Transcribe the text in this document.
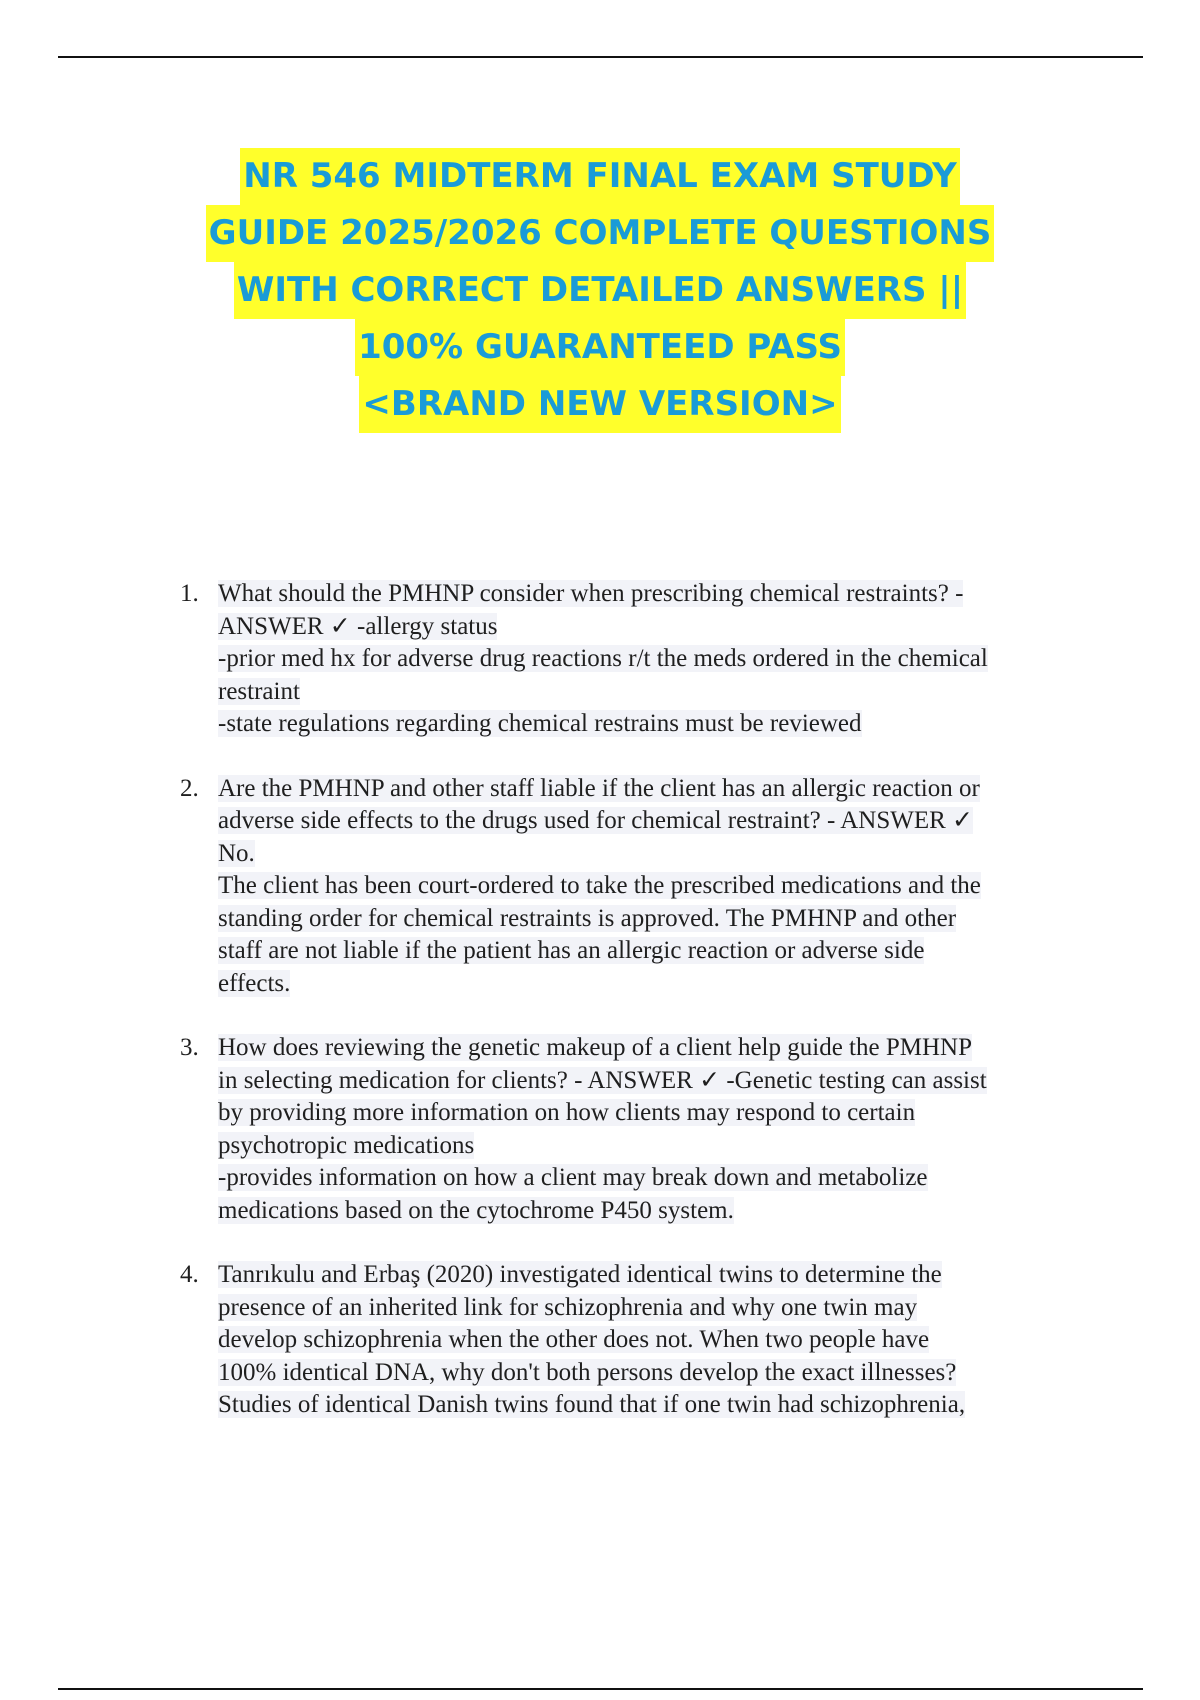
NR 546 MIDTERM FINAL EXAM STUDY
GUIDE 2025/2026 COMPLETE QUESTIONS
WITH CORRECT DETAILED ANSWERS ||
100% GUARANTEED PASS
<BRAND NEW VERSION>
1. What should the PMHNP consider when prescribing chemical restraints? -
ANSWER ✓ -allergy status
-prior med hx for adverse drug reactions r/t the meds ordered in the chemical
restraint
-state regulations regarding chemical restrains must be reviewed
2. Are the PMHNP and other staff liable if the client has an allergic reaction or
adverse side effects to the drugs used for chemical restraint? - ANSWER ✓
No.
The client has been court-ordered to take the prescribed medications and the
standing order for chemical restraints is approved. The PMHNP and other
staff are not liable if the patient has an allergic reaction or adverse side
effects.
3. How does reviewing the genetic makeup of a client help guide the PMHNP
in selecting medication for clients? - ANSWER ✓ -Genetic testing can assist
by providing more information on how clients may respond to certain
psychotropic medications
-provides information on how a client may break down and metabolize
medications based on the cytochrome P450 system.
4. Tanrıkulu and Erbaş (2020) investigated identical twins to determine the
presence of an inherited link for schizophrenia and why one twin may
develop schizophrenia when the other does not. When two people have
100% identical DNA, why don't both persons develop the exact illnesses?
Studies of identical Danish twins found that if one twin had schizophrenia,
